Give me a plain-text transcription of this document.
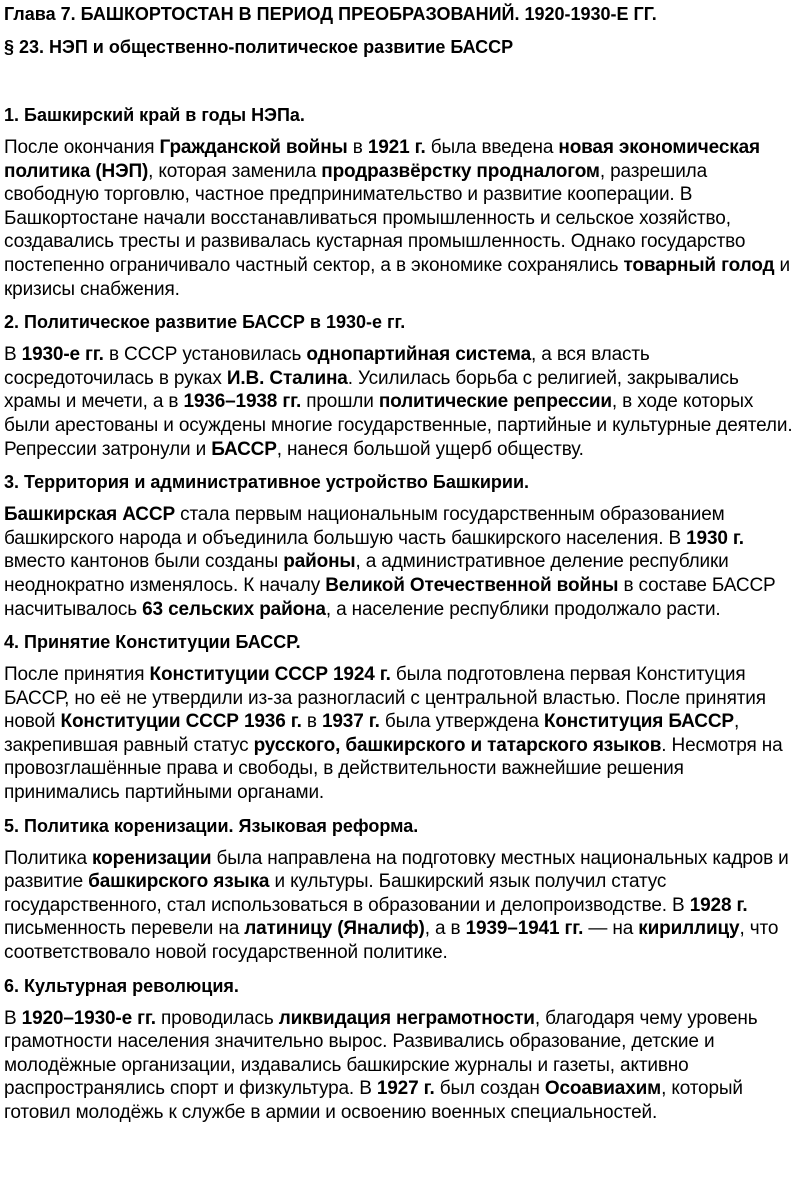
Глава 7. БАШКОРТОСТАН В ПЕРИОД ПРЕОБРАЗОВАНИЙ. 1920-1930-Е ГГ.
§ 23. НЭП и общественно-политическое развитие БАССР
1. Башкирский край в годы НЭПа.
После окончания Гражданской войны в 1921 г. была введена новая экономическая политика (НЭП), которая заменила продразвёрстку продналогом, разрешила свободную торговлю, частное предпринимательство и развитие кооперации. В Башкортостане начали восстанавливаться промышленность и сельское хозяйство, создавались тресты и развивалась кустарная промышленность. Однако государство постепенно ограничивало частный сектор, а в экономике сохранялись товарный голод и кризисы снабжения.
2. Политическое развитие БАССР в 1930-е гг.
В 1930-е гг. в СССР установилась однопартийная система, а вся власть сосредоточилась в руках И.В. Сталина. Усилилась борьба с религией, закрывались храмы и мечети, а в 1936–1938 гг. прошли политические репрессии, в ходе которых были арестованы и осуждены многие государственные, партийные и культурные деятели. Репрессии затронули и БАССР, нанеся большой ущерб обществу.
3. Территория и административное устройство Башкирии.
Башкирская АССР стала первым национальным государственным образованием башкирского народа и объединила большую часть башкирского населения. В 1930 г. вместо кантонов были созданы районы, а административное деление республики неоднократно изменялось. К началу Великой Отечественной войны в составе БАССР насчитывалось 63 сельских района, а население республики продолжало расти.
4. Принятие Конституции БАССР.
После принятия Конституции СССР 1924 г. была подготовлена первая Конституция БАССР, но её не утвердили из-за разногласий с центральной властью. После принятия новой Конституции СССР 1936 г. в 1937 г. была утверждена Конституция БАССР, закрепившая равный статус русского, башкирского и татарского языков. Несмотря на провозглашённые права и свободы, в действительности важнейшие решения принимались партийными органами.
5. Политика коренизации. Языковая реформа.
Политика коренизации была направлена на подготовку местных национальных кадров и развитие башкирского языка и культуры. Башкирский язык получил статус государственного, стал использоваться в образовании и делопроизводстве. В 1928 г. письменность перевели на латиницу (Яналиф), а в 1939–1941 гг. — на кириллицу, что соответствовало новой государственной политике.
6. Культурная революция.
В 1920–1930-е гг. проводилась ликвидация неграмотности, благодаря чему уровень грамотности населения значительно вырос. Развивались образование, детские и молодёжные организации, издавались башкирские журналы и газеты, активно распространялись спорт и физкультура. В 1927 г. был создан Осоавиахим, который готовил молодёжь к службе в армии и освоению военных специальностей.
